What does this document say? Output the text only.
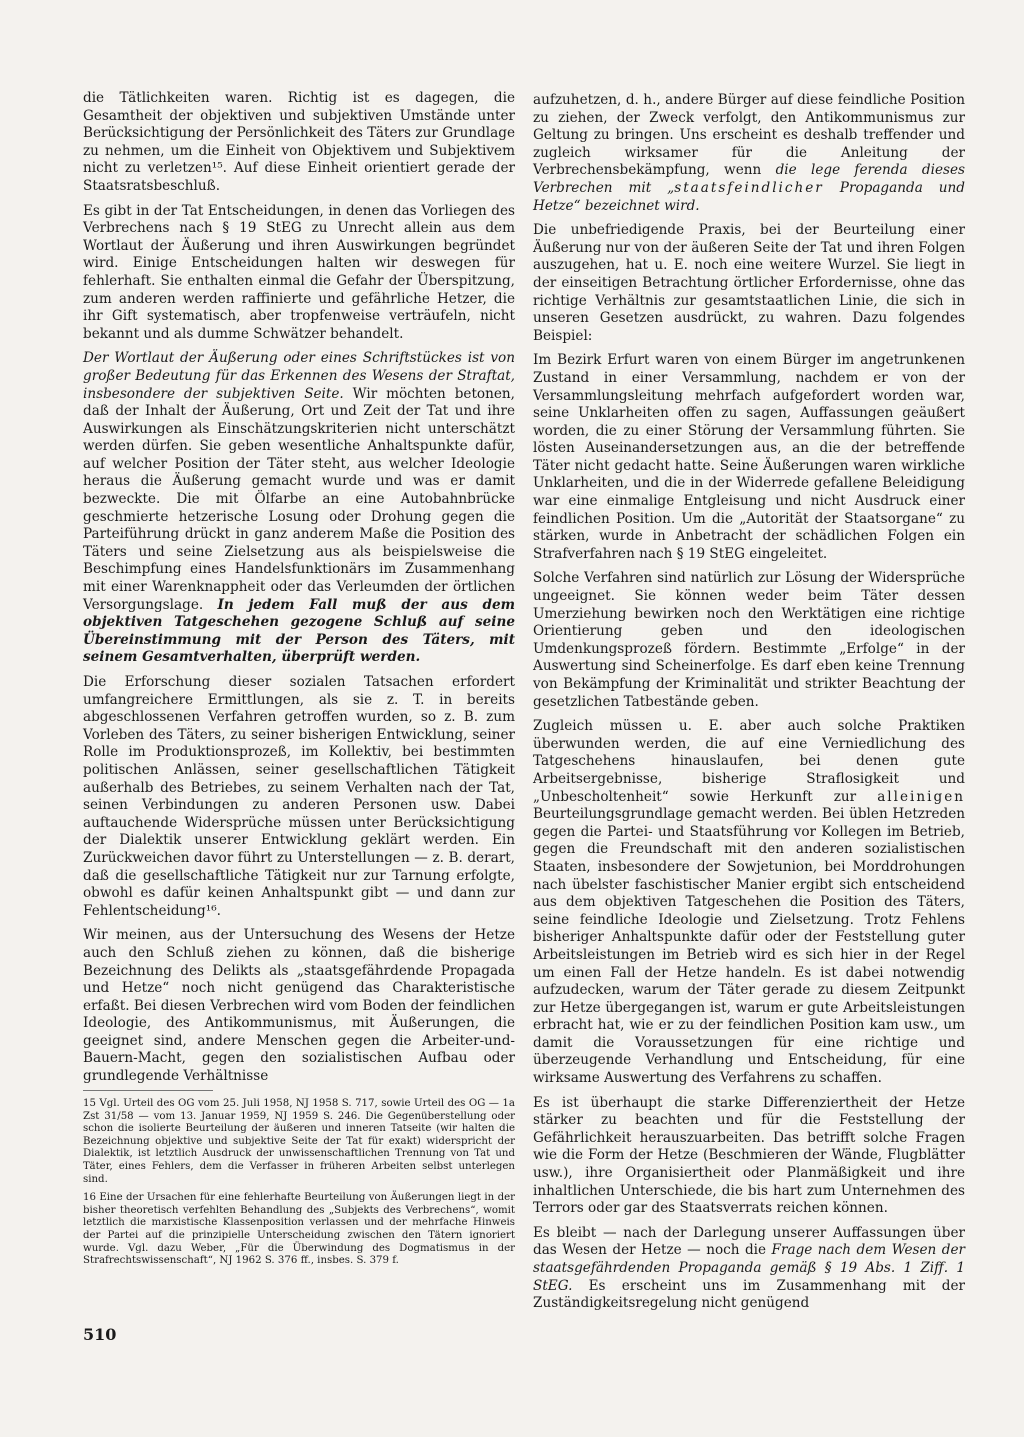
die Tätlichkeiten waren. Richtig ist es dagegen, die Gesamtheit der objektiven und subjektiven Umstände unter Berücksichtigung der Persönlichkeit des Täters zur Grundlage zu nehmen, um die Einheit von Objektivem und Subjektivem nicht zu verletzen¹⁵. Auf diese Einheit orientiert gerade der Staatsratsbeschluß.

Es gibt in der Tat Entscheidungen, in denen das Vorliegen des Verbrechens nach § 19 StEG zu Unrecht allein aus dem Wortlaut der Äußerung und ihren Auswirkungen begründet wird. Einige Entscheidungen halten wir deswegen für fehlerhaft. Sie enthalten einmal die Gefahr der Überspitzung, zum anderen werden raffinierte und gefährliche Hetzer, die ihr Gift systematisch, aber tropfenweise verträufeln, nicht bekannt und als dumme Schwätzer behandelt.

Der Wortlaut der Äußerung oder eines Schriftstückes ist von großer Bedeutung für das Erkennen des Wesens der Straftat, insbesondere der subjektiven Seite. Wir möchten betonen, daß der Inhalt der Äußerung, Ort und Zeit der Tat und ihre Auswirkungen als Einschätzungskriterien nicht unterschätzt werden dürfen. Sie geben wesentliche Anhaltspunkte dafür, auf welcher Position der Täter steht, aus welcher Ideologie heraus die Äußerung gemacht wurde und was er damit bezweckte. Die mit Ölfarbe an eine Autobahnbrücke geschmierte hetzerische Losung oder Drohung gegen die Parteiführung drückt in ganz anderem Maße die Position des Täters und seine Zielsetzung aus als beispielsweise die Beschimpfung eines Handelsfunktionärs im Zusammenhang mit einer Warenknappheit oder das Verleumden der örtlichen Versorgungslage. In jedem Fall muß der aus dem objektiven Tatgeschehen gezogene Schluß auf seine Übereinstimmung mit der Person des Täters, mit seinem Gesamtverhalten, überprüft werden.

Die Erforschung dieser sozialen Tatsachen erfordert umfangreichere Ermittlungen, als sie z. T. in bereits abgeschlossenen Verfahren getroffen wurden, so z. B. zum Vorleben des Täters, zu seiner bisherigen Entwicklung, seiner Rolle im Produktionsprozeß, im Kollektiv, bei bestimmten politischen Anlässen, seiner gesellschaftlichen Tätigkeit außerhalb des Betriebes, zu seinem Verhalten nach der Tat, seinen Verbindungen zu anderen Personen usw. Dabei auftauchende Widersprüche müssen unter Berücksichtigung der Dialektik unserer Entwicklung geklärt werden. Ein Zurückweichen davor führt zu Unterstellungen — z. B. derart, daß die gesellschaftliche Tätigkeit nur zur Tarnung erfolgte, obwohl es dafür keinen Anhaltspunkt gibt — und dann zur Fehlentscheidung¹⁶.

Wir meinen, aus der Untersuchung des Wesens der Hetze auch den Schluß ziehen zu können, daß die bisherige Bezeichnung des Delikts als „staatsgefährdende Propagada und Hetze“ noch nicht genügend das Charakteristische erfaßt. Bei diesen Verbrechen wird vom Boden der feindlichen Ideologie, des Antikommunismus, mit Äußerungen, die geeignet sind, andere Menschen gegen die Arbeiter-und-Bauern-Macht, gegen den sozialistischen Aufbau oder grundlegende Verhältnisse

15 Vgl. Urteil des OG vom 25. Juli 1958, NJ 1958 S. 717, sowie Urteil des OG — 1a Zst 31/58 — vom 13. Januar 1959, NJ 1959 S. 246. Die Gegenüberstellung oder schon die isolierte Beurteilung der äußeren und inneren Tatseite (wir halten die Bezeichnung objektive und subjektive Seite der Tat für exakt) widerspricht der Dialektik, ist letztlich Ausdruck der unwissenschaftlichen Trennung von Tat und Täter, eines Fehlers, dem die Verfasser in früheren Arbeiten selbst unterlegen sind.

16 Eine der Ursachen für eine fehlerhafte Beurteilung von Äußerungen liegt in der bisher theoretisch verfehlten Behandlung des „Subjekts des Verbrechens“, womit letztlich die marxistische Klassenposition verlassen und der mehrfache Hinweis der Partei auf die prinzipielle Unterscheidung zwischen den Tätern ignoriert wurde. Vgl. dazu Weber, „Für die Überwindung des Dogmatismus in der Strafrechtswissenschaft“, NJ 1962 S. 376 ff., insbes. S. 379 f.

510

aufzuhetzen, d. h., andere Bürger auf diese feindliche Position zu ziehen, der Zweck verfolgt, den Antikommunismus zur Geltung zu bringen. Uns erscheint es deshalb treffender und zugleich wirksamer für die Anleitung der Verbrechensbekämpfung, wenn die lege ferenda dieses Verbrechen mit „staatsfeindlicher Propaganda und Hetze“ bezeichnet wird.

Die unbefriedigende Praxis, bei der Beurteilung einer Äußerung nur von der äußeren Seite der Tat und ihren Folgen auszugehen, hat u. E. noch eine weitere Wurzel. Sie liegt in der einseitigen Betrachtung örtlicher Erfordernisse, ohne das richtige Verhältnis zur gesamtstaatlichen Linie, die sich in unseren Gesetzen ausdrückt, zu wahren. Dazu folgendes Beispiel:

Im Bezirk Erfurt waren von einem Bürger im angetrunkenen Zustand in einer Versammlung, nachdem er von der Versammlungsleitung mehrfach aufgefordert worden war, seine Unklarheiten offen zu sagen, Auffassungen geäußert worden, die zu einer Störung der Versammlung führten. Sie lösten Auseinandersetzungen aus, an die der betreffende Täter nicht gedacht hatte. Seine Äußerungen waren wirkliche Unklarheiten, und die in der Widerrede gefallene Beleidigung war eine einmalige Entgleisung und nicht Ausdruck einer feindlichen Position. Um die „Autorität der Staatsorgane“ zu stärken, wurde in Anbetracht der schädlichen Folgen ein Strafverfahren nach § 19 StEG eingeleitet.

Solche Verfahren sind natürlich zur Lösung der Widersprüche ungeeignet. Sie können weder beim Täter dessen Umerziehung bewirken noch den Werktätigen eine richtige Orientierung geben und den ideologischen Umdenkungsprozeß fördern. Bestimmte „Erfolge“ in der Auswertung sind Scheinerfolge. Es darf eben keine Trennung von Bekämpfung der Kriminalität und strikter Beachtung der gesetzlichen Tatbestände geben.

Zugleich müssen u. E. aber auch solche Praktiken überwunden werden, die auf eine Verniedlichung des Tatgeschehens hinauslaufen, bei denen gute Arbeitsergebnisse, bisherige Straflosigkeit und „Unbescholtenheit“ sowie Herkunft zur alleinigen Beurteilungsgrundlage gemacht werden. Bei üblen Hetzreden gegen die Partei- und Staatsführung vor Kollegen im Betrieb, gegen die Freundschaft mit den anderen sozialistischen Staaten, insbesondere der Sowjetunion, bei Morddrohungen nach übelster faschistischer Manier ergibt sich entscheidend aus dem objektiven Tatgeschehen die Position des Täters, seine feindliche Ideologie und Zielsetzung. Trotz Fehlens bisheriger Anhaltspunkte dafür oder der Feststellung guter Arbeitsleistungen im Betrieb wird es sich hier in der Regel um einen Fall der Hetze handeln. Es ist dabei notwendig aufzudecken, warum der Täter gerade zu diesem Zeitpunkt zur Hetze übergegangen ist, warum er gute Arbeitsleistungen erbracht hat, wie er zu der feindlichen Position kam usw., um damit die Voraussetzungen für eine richtige und überzeugende Verhandlung und Entscheidung, für eine wirksame Auswertung des Verfahrens zu schaffen.

Es ist überhaupt die starke Differenziertheit der Hetze stärker zu beachten und für die Feststellung der Gefährlichkeit herauszuarbeiten. Das betrifft solche Fragen wie die Form der Hetze (Beschmieren der Wände, Flugblätter usw.), ihre Organisiertheit oder Planmäßigkeit und ihre inhaltlichen Unterschiede, die bis hart zum Unternehmen des Terrors oder gar des Staatsverrats reichen können.

Es bleibt — nach der Darlegung unserer Auffassungen über das Wesen der Hetze — noch die Frage nach dem Wesen der staatsgefährdenden Propaganda gemäß § 19 Abs. 1 Ziff. 1 StEG. Es erscheint uns im Zusammenhang mit der Zuständigkeitsregelung nicht genügend
